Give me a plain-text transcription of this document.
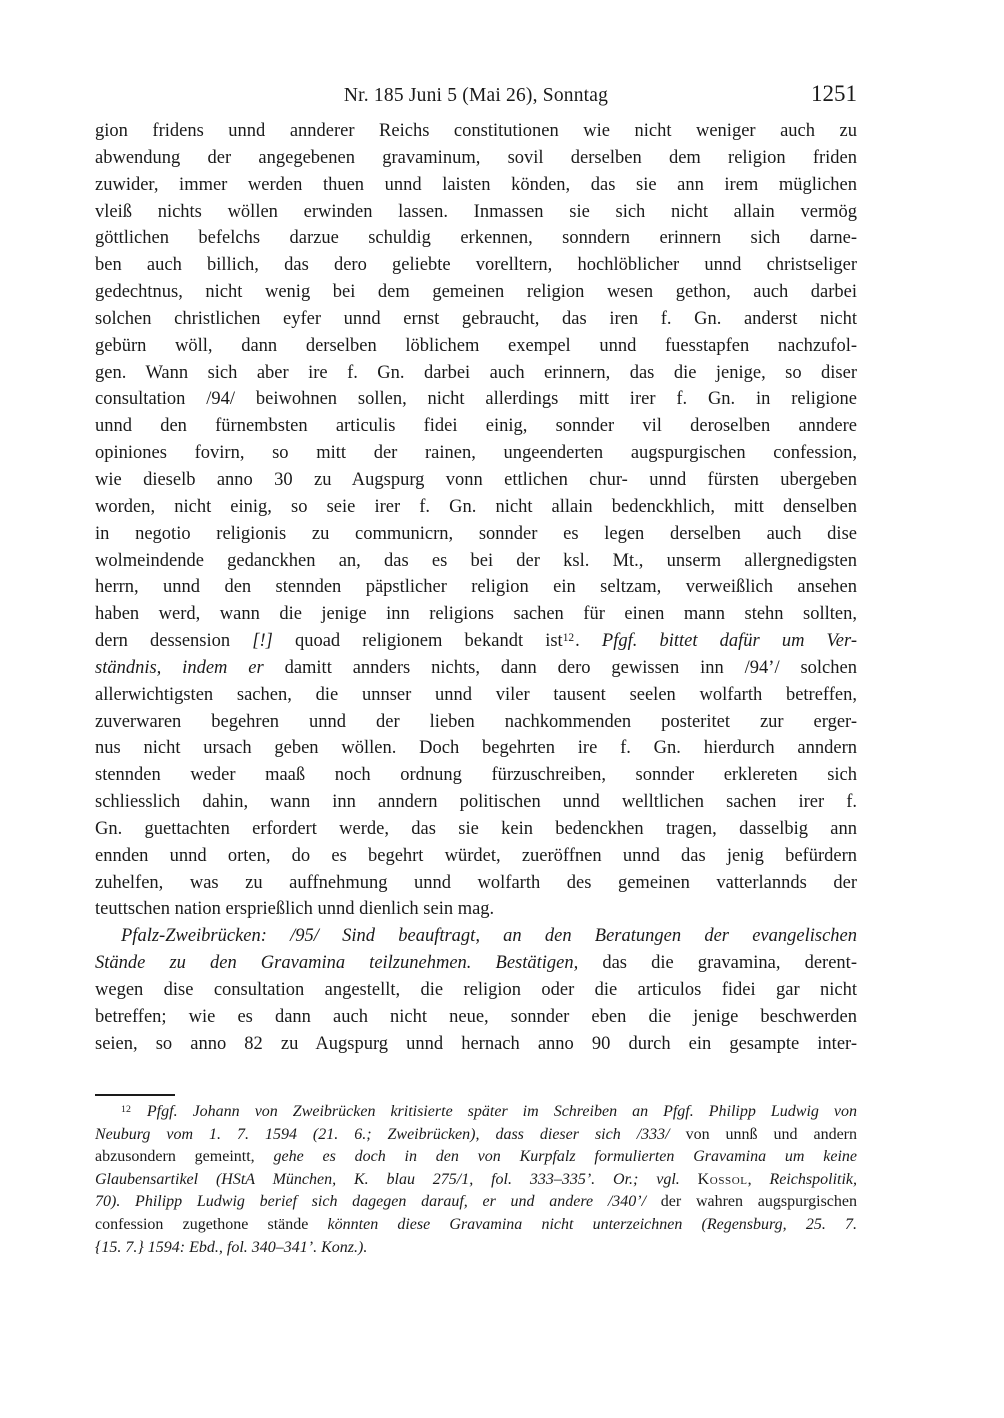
Nr. 185 Juni 5 (Mai 26), Sonntag	1251
gion fridens unnd annderer Reichs constitutionen wie nicht weniger auch zu
abwendung der angegebenen gravaminum, sovil derselben dem religion friden
zuwider, immer werden thuen unnd laisten könden, das sie ann irem müglichen
vleiß nichts wöllen erwinden lassen. Inmassen sie sich nicht allain vermög
göttlichen befelchs darzue schuldig erkennen, sonndern erinnern sich darne-
ben auch billich, das dero geliebte vorelltern, hochlöblicher unnd christseliger
gedechtnus, nicht wenig bei dem gemeinen religion wesen gethon, auch darbei
solchen christlichen eyfer unnd ernst gebraucht, das iren f. Gn. anderst nicht
gebürn wöll, dann derselben löblichem exempel unnd fuesstapfen nachzufol-
gen. Wann sich aber ire f. Gn. darbei auch erinnern, das die jenige, so diser
consultation /94/ beiwohnen sollen, nicht allerdings mitt irer f. Gn. in religione
unnd den fürnembsten articulis fidei einig, sonnder vil deroselben anndere
opiniones fovirn, so mitt der rainen, ungeenderten augspurgischen confession,
wie dieselb anno 30 zu Augspurg vonn ettlichen chur- unnd fürsten ubergeben
worden, nicht einig, so seie irer f. Gn. nicht allain bedenckhlich, mitt denselben
in negotio religionis zu communicrn, sonnder es legen derselben auch dise
wolmeindende gedanckhen an, das es bei der ksl. Mt., unserm allergnedigsten
herrn, unnd den stennden päpstlicher religion ein seltzam, verweißlich ansehen
haben werd, wann die jenige inn religions sachen für einen mann stehn sollten,
dern dessension [!] quoad religionem bekandt ist$^{12}$. Pfgf. bittet dafür um Ver-
ständnis, indem er damitt annders nichts, dann dero gewissen inn /94’/ solchen
allerwichtigsten sachen, die unnser unnd viler tausent seelen wolfarth betreffen,
zuverwaren begehren unnd der lieben nachkommenden posteritet zur erger-
nus nicht ursach geben wöllen. Doch begehrten ire f. Gn. hierdurch anndern
stennden weder maaß noch ordnung fürzuschreiben, sonnder erklereten sich
schliesslich dahin, wann inn anndern politischen unnd welltlichen sachen irer f.
Gn. guettachten erfordert werde, das sie kein bedenckhen tragen, dasselbig ann
ennden unnd orten, do es begehrt würdet, zueröffnen unnd das jenig befürdern
zuhelfen, was zu auffnehmung unnd wolfarth des gemeinen vatterlannds der
teuttschen nation ersprießlich unnd dienlich sein mag.
Pfalz-Zweibrücken: /95/ Sind beauftragt, an den Beratungen der evangelischen
Stände zu den Gravamina teilzunehmen. Bestätigen, das die gravamina, derent-
wegen dise consultation angestellt, die religion oder die articulos fidei gar nicht
betreffen; wie es dann auch nicht neue, sonnder eben die jenige beschwerden
seien, so anno 82 zu Augspurg unnd hernach anno 90 durch ein gesampte inter-
$^{12}$ Pfgf. Johann von Zweibrücken kritisierte später im Schreiben an Pfgf. Philipp Ludwig von
Neuburg vom 1. 7. 1594 (21. 6.; Zweibrücken), dass dieser sich /333/ von unnß und andern
abzusondern gemeintt, gehe es doch in den von Kurpfalz formulierten Gravamina um keine
Glaubensartikel (HStA München, K. blau 275/1, fol. 333–335’. Or.; vgl. Kossol, Reichspolitik,
70). Philipp Ludwig berief sich dagegen darauf, er und andere /340’/ der wahren augspurgischen
confession zugethone stände könnten diese Gravamina nicht unterzeichnen (Regensburg, 25. 7.
{15. 7.} 1594: Ebd., fol. 340–341’. Konz.).
